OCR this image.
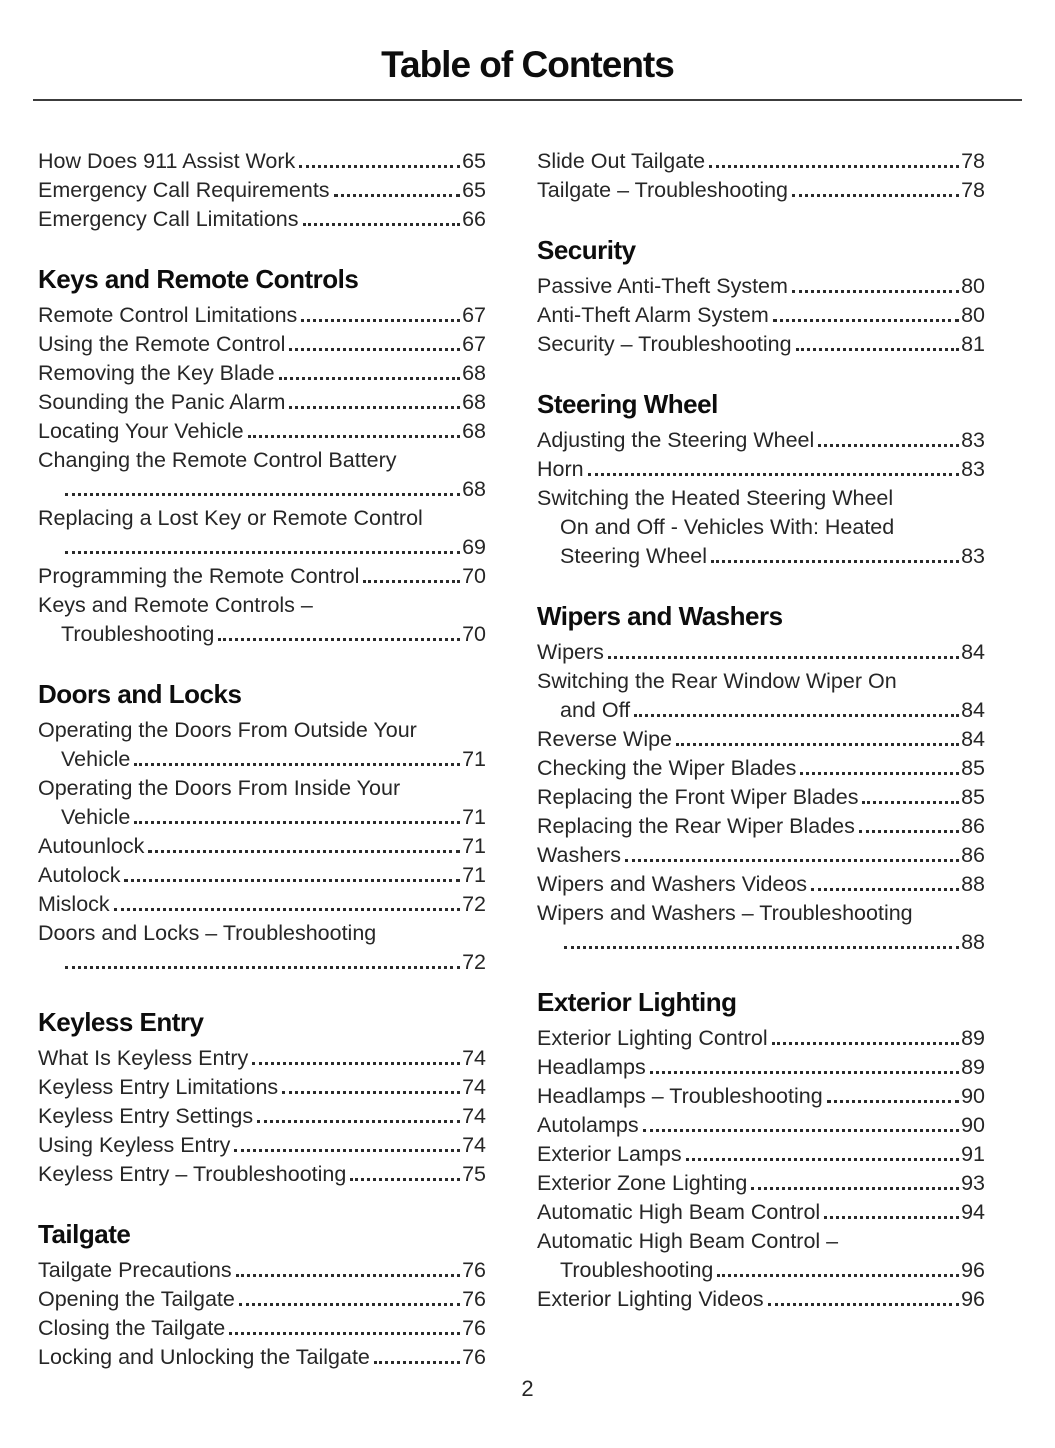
Table of Contents
How Does 911 Assist Work	65
Emergency Call Requirements	65
Emergency Call Limitations	66
Keys and Remote Controls
Remote Control Limitations	67
Using the Remote Control	67
Removing the Key Blade	68
Sounding the Panic Alarm	68
Locating Your Vehicle	68
Changing the Remote Control Battery
68
Replacing a Lost Key or Remote Control
69
Programming the Remote Control	70
Keys and Remote Controls –
Troubleshooting	70
Doors and Locks
Operating the Doors From Outside Your
Vehicle	71
Operating the Doors From Inside Your
Vehicle	71
Autounlock	71
Autolock	71
Mislock	72
Doors and Locks – Troubleshooting
72
Keyless Entry
What Is Keyless Entry	74
Keyless Entry Limitations	74
Keyless Entry Settings	74
Using Keyless Entry	74
Keyless Entry – Troubleshooting	75
Tailgate
Tailgate Precautions	76
Opening the Tailgate	76
Closing the Tailgate	76
Locking and Unlocking the Tailgate	76
Slide Out Tailgate	78
Tailgate – Troubleshooting	78
Security
Passive Anti-Theft System	80
Anti-Theft Alarm System	80
Security – Troubleshooting	81
Steering Wheel
Adjusting the Steering Wheel	83
Horn	83
Switching the Heated Steering Wheel
On and Off - Vehicles With: Heated
Steering Wheel	83
Wipers and Washers
Wipers	84
Switching the Rear Window Wiper On
and Off	84
Reverse Wipe	84
Checking the Wiper Blades	85
Replacing the Front Wiper Blades	85
Replacing the Rear Wiper Blades	86
Washers	86
Wipers and Washers Videos	88
Wipers and Washers – Troubleshooting
88
Exterior Lighting
Exterior Lighting Control	89
Headlamps	89
Headlamps – Troubleshooting	90
Autolamps	90
Exterior Lamps	91
Exterior Zone Lighting	93
Automatic High Beam Control	94
Automatic High Beam Control –
Troubleshooting	96
Exterior Lighting Videos	96
2
